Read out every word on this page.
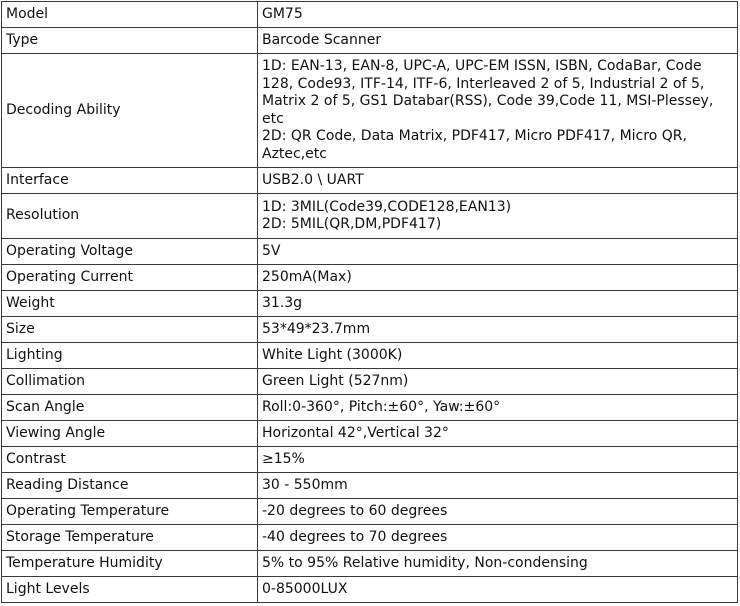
Model	GM75
Type	Barcode Scanner
Decoding Ability	1D: EAN-13, EAN-8, UPC-A, UPC-EM ISSN, ISBN, CodaBar, Code 128, Code93, ITF-14, ITF-6, Interleaved 2 of 5, Industrial 2 of 5, Matrix 2 of 5, GS1 Databar(RSS), Code 39,Code 11, MSI-Plessey, etc
2D: QR Code, Data Matrix, PDF417, Micro PDF417, Micro QR, Aztec,etc

Interface	USB2.0 \ UART
Resolution	1D: 3MIL(Code39,CODE128,EAN13)
2D: 5MIL(QR,DM,PDF417)

Operating Voltage	5V
Operating Current	250mA(Max)
Weight	31.3g
Size	53*49*23.7mm
Lighting	White Light (3000K)
Collimation	Green Light (527nm)
Scan Angle	Roll:0-360°, Pitch:±60°, Yaw:±60°
Viewing Angle	Horizontal 42°,Vertical 32°
Contrast	≥15%
Reading Distance	30 - 550mm
Operating Temperature	-20 degrees to 60 degrees
Storage Temperature	-40 degrees to 70 degrees
Temperature Humidity	5% to 95% Relative humidity, Non-condensing
Light Levels	0-85000LUX
